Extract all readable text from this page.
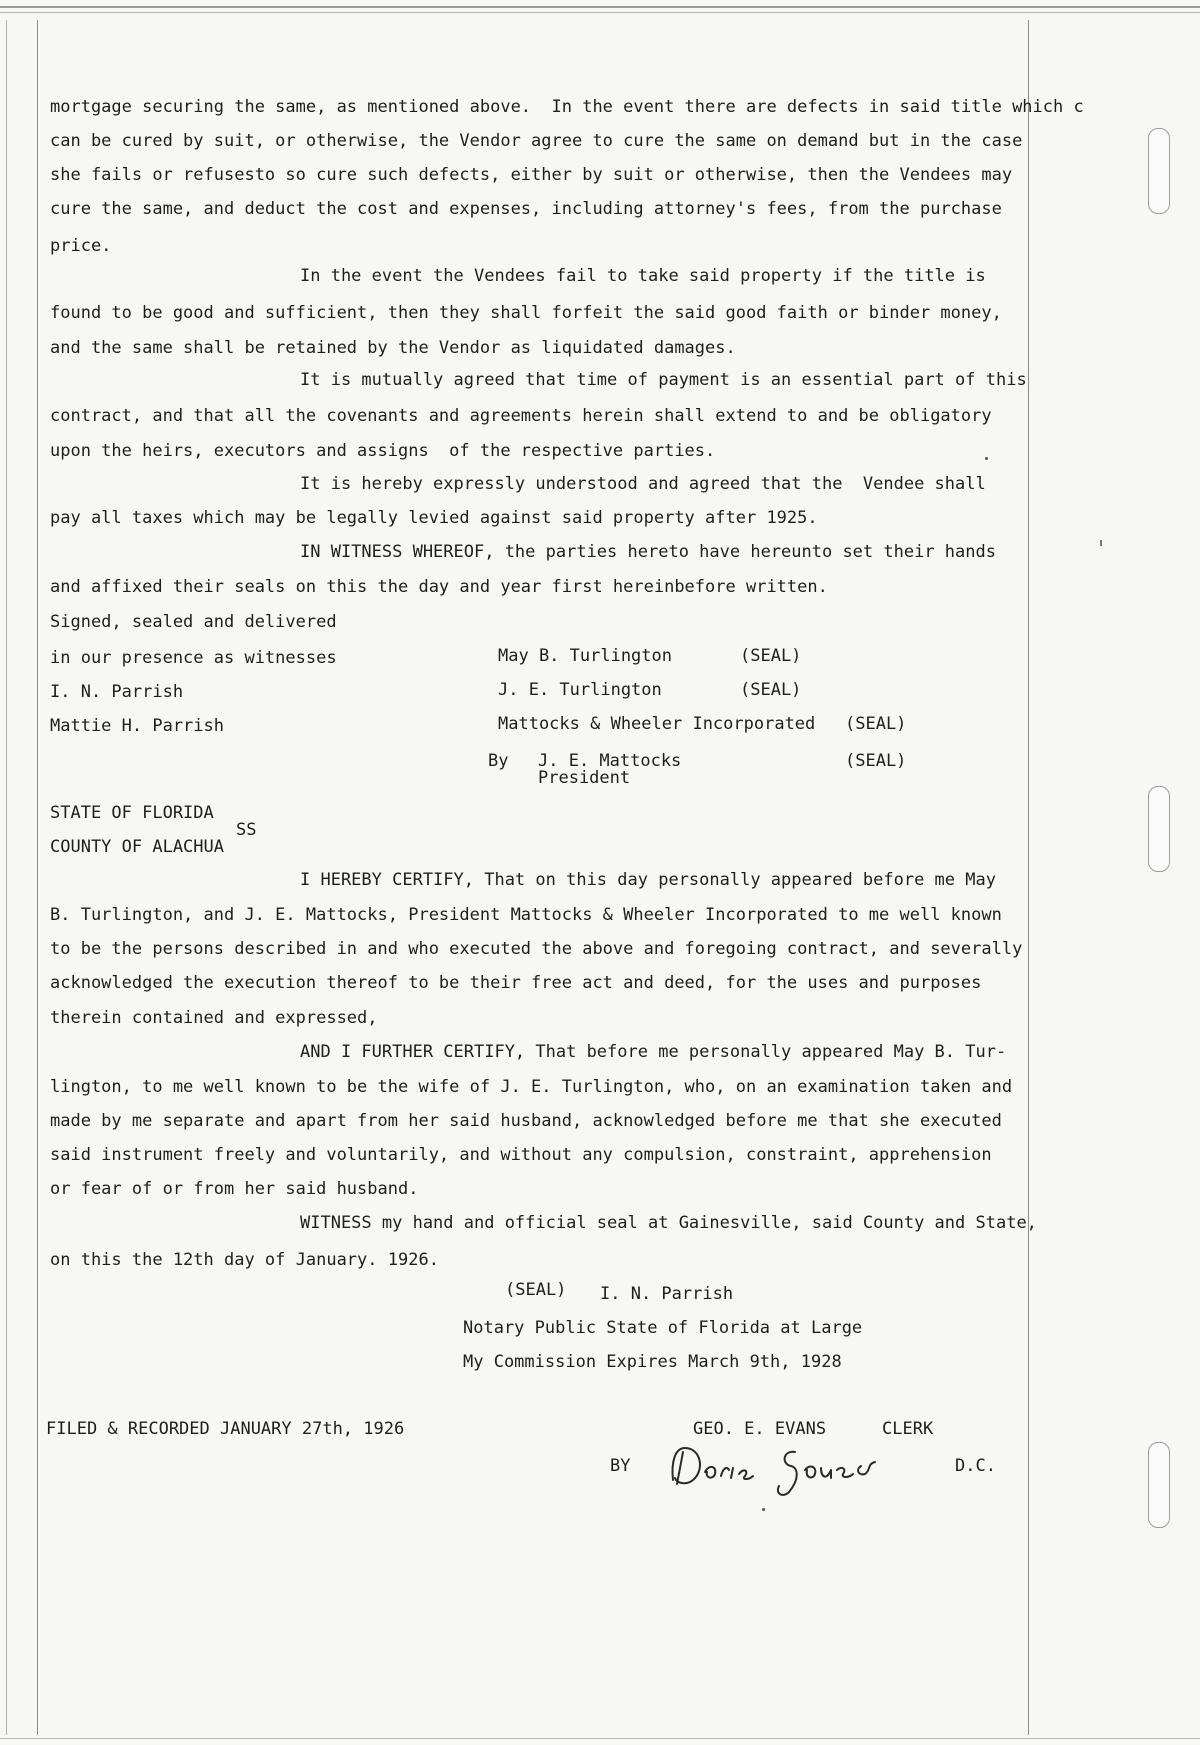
mortgage securing the same, as mentioned above.  In the event there are defects in said title which c
can be cured by suit, or otherwise, the Vendor agree to cure the same on demand but in the case
she fails or refusesto so cure such defects, either by suit or otherwise, then the Vendees may
cure the same, and deduct the cost and expenses, including attorney's fees, from the purchase
price.
In the event the Vendees fail to take said property if the title is
found to be good and sufficient, then they shall forfeit the said good faith or binder money,
and the same shall be retained by the Vendor as liquidated damages.
It is mutually agreed that time of payment is an essential part of this
contract, and that all the covenants and agreements herein shall extend to and be obligatory
upon the heirs, executors and assigns  of the respective parties.
It is hereby expressly understood and agreed that the  Vendee shall
pay all taxes which may be legally levied against said property after 1925.
IN WITNESS WHEREOF, the parties hereto have hereunto set their hands
and affixed their seals on this the day and year first hereinbefore written.
Signed, sealed and delivered
in our presence as witnesses
I. N. Parrish
Mattie H. Parrish
May B. Turlington	(SEAL)
J. E. Turlington	(SEAL)
Mattocks & Wheeler Incorporated (SEAL)
By J. E. Mattocks	(SEAL)
President
STATE OF FLORIDA
SS
COUNTY OF ALACHUA
I HEREBY CERTIFY, That on this day personally appeared before me May
B. Turlington, and J. E. Mattocks, President Mattocks & Wheeler Incorporated to me well known
to be the persons described in and who executed the above and foregoing contract, and severally
acknowledged the execution thereof to be their free act and deed, for the uses and purposes
therein contained and expressed,
AND I FURTHER CERTIFY, That before me personally appeared May B. Tur-
lington, to me well known to be the wife of J. E. Turlington, who, on an examination taken and
made by me separate and apart from her said husband, acknowledged before me that she executed
said instrument freely and voluntarily, and without any compulsion, constraint, apprehension
or fear of or from her said husband.
WITNESS my hand and official seal at Gainesville, said County and State,
on this the 12th day of January. 1926.
(SEAL) I. N. Parrish
Notary Public State of Florida at Large
My Commission Expires March 9th, 1928
FILED & RECORDED JANUARY 27th, 1926	GEO. E. EVANS	CLERK
BY	D.C.
